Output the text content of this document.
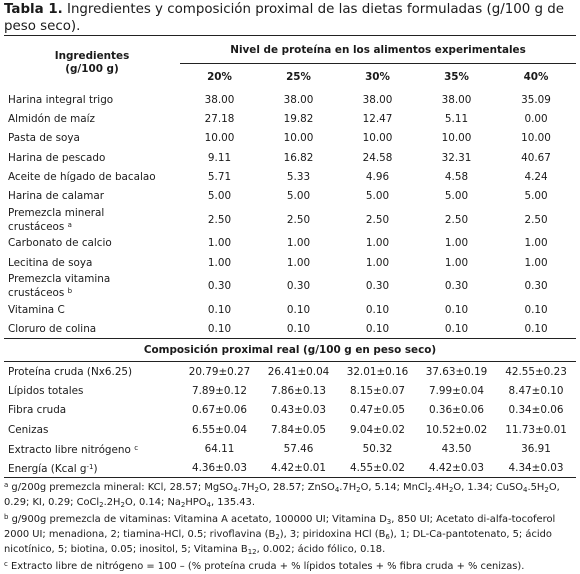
Tabla 1. Ingredientes y composición proximal de las dietas formuladas (g/100 g de peso seco).
Ingredientes
(g/100 g)	Nivel de proteína en los alimentos experimentales				
	20%	25%	30%	35%	40%
Harina integral trigo	38.00	38.00	38.00	38.00	35.09
Almidón de maíz	27.18	19.82	12.47	5.11	0.00
Pasta de soya	10.00	10.00	10.00	10.00	10.00
Harina de pescado	9.11	16.82	24.58	32.31	40.67
Aceite de hígado de bacalao	5.71	5.33	4.96	4.58	4.24
Harina de calamar	5.00	5.00	5.00	5.00	5.00
Premezcla mineral
crustáceos $^a$	2.50	2.50	2.50	2.50	2.50
Carbonato de calcio	1.00	1.00	1.00	1.00	1.00
Lecitina de soya	1.00	1.00	1.00	1.00	1.00
Premezcla vitamina
crustáceos $^b$	0.30	0.30	0.30	0.30	0.30
Vitamina C	0.10	0.10	0.10	0.10	0.10
Cloruro de colina	0.10	0.10	0.10	0.10	0.10
Composición proximal real (g/100 g en peso seco)					
Proteína cruda (Nx6.25)	20.79±0.27	26.41±0.04	32.01±0.16	37.63±0.19	42.55±0.23
Lípidos totales	7.89±0.12	7.86±0.13	8.15±0.07	7.99±0.04	8.47±0.10
Fibra cruda	0.67±0.06	0.43±0.03	0.47±0.05	0.36±0.06	0.34±0.06
Cenizas	6.55±0.04	7.84±0.05	9.04±0.02	10.52±0.02	11.73±0.01
Extracto libre nitrógeno $^c$	64.11	57.46	50.32	43.50	36.91
Energía (Kcal $g^{-1}$)	4.36±0.03	4.42±0.01	4.55±0.02	4.42±0.03	4.34±0.03
$^a$ g/200g premezcla mineral: KCl, 28.57; $MgSO_4.7H_2O$, 28.57; $ZnSO_4.7H_2O$, 5.14; $MnCl_2.4H_2O$, 1.34; $CuSO_4.5H_2O$, 0.29; KI, 0.29; $CoCl_2.2H_2O$, 0.14; $Na_2HPO_4$, 135.43.
$^b$ g/900g premezcla de vitaminas: Vitamina A acetato, 100000 UI; Vitamina $D_3$, 850 UI; Acetato di-alfa-tocoferol 2000 UI; menadiona, 2; tiamina-HCl, 0.5; rivoflavina $(B_2)$, 3; piridoxina HCl $(B_6)$, 1; DL-Ca-pantotenato, 5; ácido nicotínico, 5; biotina, 0.05; inositol, 5; Vitamina $B_{12}$, 0.002; ácido fólico, 0.18.
$^c$ Extracto libre de nitrógeno = 100 – (% proteína cruda + % lípidos totales + % fibra cruda + % cenizas).
